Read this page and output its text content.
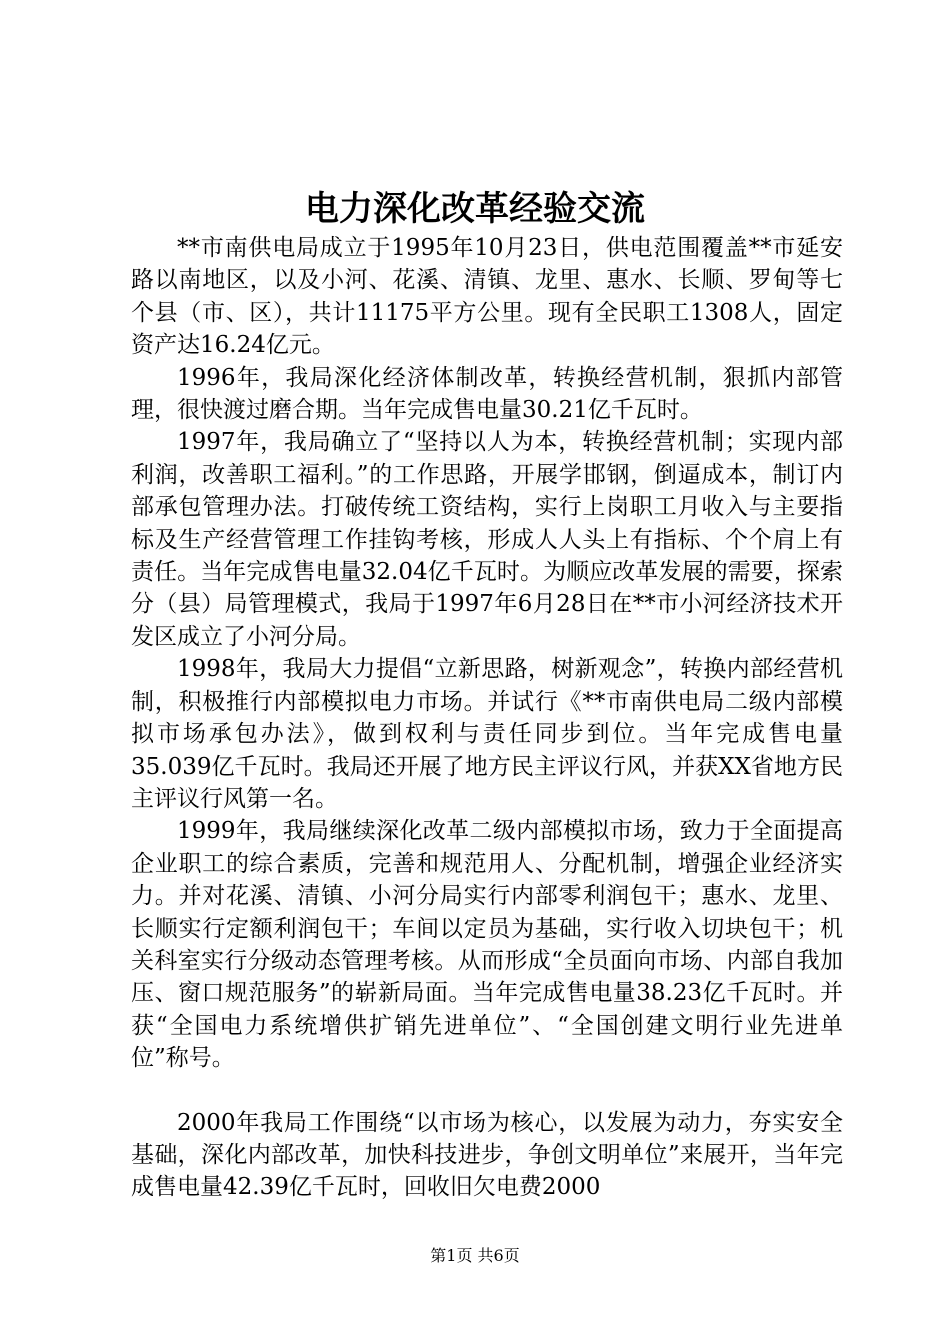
电力深化改革经验交流

**市南供电局成立于1995年10月23日，供电范围覆盖**市延安路以南地区，以及小河、花溪、清镇、龙里、惠水、长顺、罗甸等七个县（市、区），共计11175平方公里。现有全民职工1308人，固定资产达16.24亿元。

1996年，我局深化经济体制改革，转换经营机制，狠抓内部管理，很快渡过磨合期。当年完成售电量30.21亿千瓦时。

1997年，我局确立了“坚持以人为本，转换经营机制；实现内部利润，改善职工福利。”的工作思路，开展学邯钢，倒逼成本，制订内部承包管理办法。打破传统工资结构，实行上岗职工月收入与主要指标及生产经营管理工作挂钩考核，形成人人头上有指标、个个肩上有责任。当年完成售电量32.04亿千瓦时。为顺应改革发展的需要，探索分（县）局管理模式，我局于1997年6月28日在**市小河经济技术开发区成立了小河分局。

1998年，我局大力提倡“立新思路，树新观念”，转换内部经营机制，积极推行内部模拟电力市场。并试行《**市南供电局二级内部模拟市场承包办法》，做到权利与责任同步到位。当年完成售电量35.039亿千瓦时。我局还开展了地方民主评议行风，并获XX省地方民主评议行风第一名。

1999年，我局继续深化改革二级内部模拟市场，致力于全面提高企业职工的综合素质，完善和规范用人、分配机制，增强企业经济实力。并对花溪、清镇、小河分局实行内部零利润包干；惠水、龙里、长顺实行定额利润包干；车间以定员为基础，实行收入切块包干；机关科室实行分级动态管理考核。从而形成“全员面向市场、内部自我加压、窗口规范服务”的崭新局面。当年完成售电量38.23亿千瓦时。并获“全国电力系统增供扩销先进单位”、“全国创建文明行业先进单位”称号。

2000年我局工作围绕“以市场为核心，以发展为动力，夯实安全基础，深化内部改革，加快科技进步，争创文明单位”来展开，当年完成售电量42.39亿千瓦时，回收旧欠电费2000

第1页 共6页
